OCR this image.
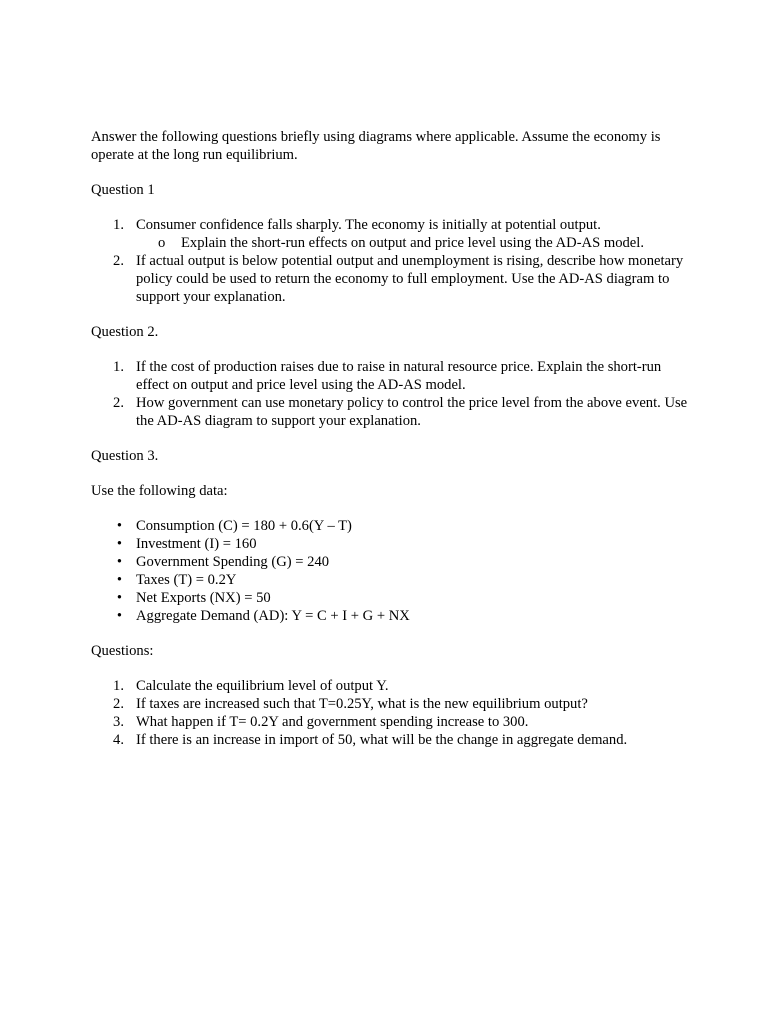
Answer the following questions briefly using diagrams where applicable. Assume the economy is operate at the long run equilibrium.

Question 1

1. Consumer confidence falls sharply. The economy is initially at potential output.
o Explain the short-run effects on output and price level using the AD-AS model.
2. If actual output is below potential output and unemployment is rising, describe how monetary policy could be used to return the economy to full employment. Use the AD-AS diagram to support your explanation.

Question 2.

1. If the cost of production raises due to raise in natural resource price. Explain the short-run effect on output and price level using the AD-AS model.
2. How government can use monetary policy to control the price level from the above event. Use the AD-AS diagram to support your explanation.

Question 3.

Use the following data:

• Consumption (C) = 180 + 0.6(Y – T)
• Investment (I) = 160
• Government Spending (G) = 240
• Taxes (T) = 0.2Y
• Net Exports (NX) = 50
• Aggregate Demand (AD): Y = C + I + G + NX

Questions:

1. Calculate the equilibrium level of output Y.
2. If taxes are increased such that T=0.25Y, what is the new equilibrium output?
3. What happen if T= 0.2Y and government spending increase to 300.
4. If there is an increase in import of 50, what will be the change in aggregate demand.
